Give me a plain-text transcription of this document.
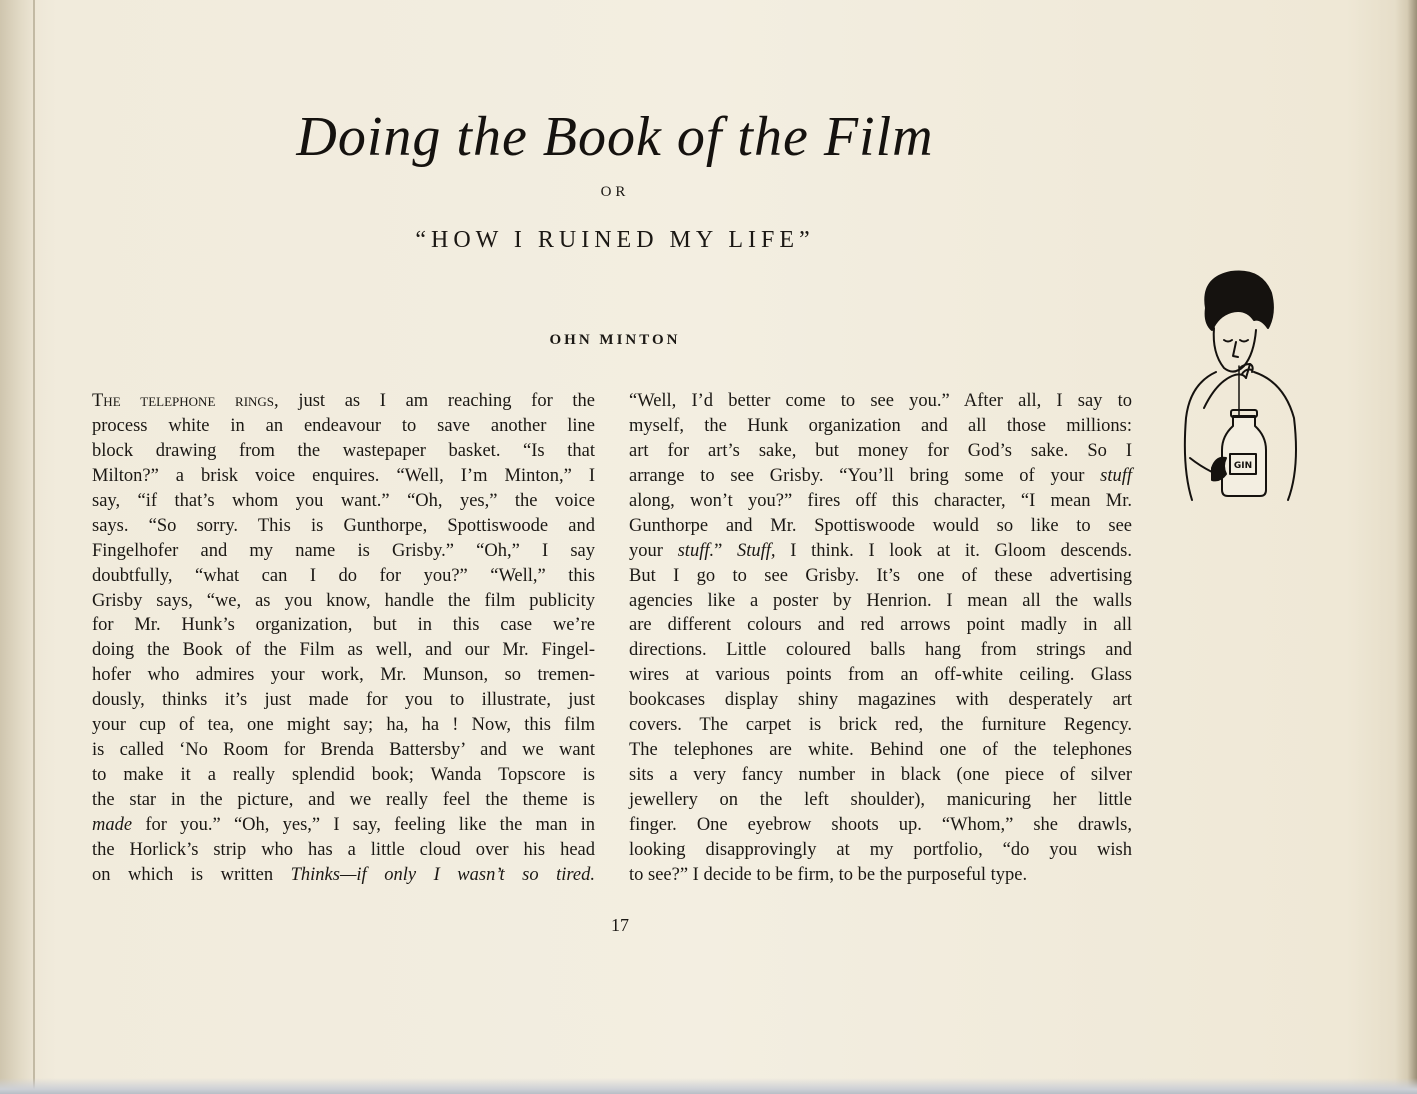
Doing the Book of the Film
OR
“HOW I RUINED MY LIFE”
OHN MINTON
The telephone rings, just as I am reaching for the
process white in an endeavour to save another line
block drawing from the wastepaper basket. “Is that
Milton?” a brisk voice enquires. “Well, I’m Minton,” I
say, “if that’s whom you want.” “Oh, yes,” the voice
says. “So sorry. This is Gunthorpe, Spottiswoode and
Fingelhofer and my name is Grisby.” “Oh,” I say
doubtfully, “what can I do for you?” “Well,” this
Grisby says, “we, as you know, handle the film publicity
for Mr. Hunk’s organization, but in this case we’re
doing the Book of the Film as well, and our Mr. Fingel-
hofer who admires your work, Mr. Munson, so tremen-
dously, thinks it’s just made for you to illustrate, just
your cup of tea, one might say; ha, ha ! Now, this film
is called ‘No Room for Brenda Battersby’ and we want
to make it a really splendid book; Wanda Topscore is
the star in the picture, and we really feel the theme is
made for you.” “Oh, yes,” I say, feeling like the man in
the Horlick’s strip who has a little cloud over his head
on which is written Thinks—if only I wasn’t so tired.
“Well, I’d better come to see you.” After all, I say to
myself, the Hunk organization and all those millions:
art for art’s sake, but money for God’s sake. So I
arrange to see Grisby. “You’ll bring some of your stuff
along, won’t you?” fires off this character, “I mean Mr.
Gunthorpe and Mr. Spottiswoode would so like to see
your stuff.” Stuff, I think. I look at it. Gloom descends.
But I go to see Grisby. It’s one of these advertising
agencies like a poster by Henrion. I mean all the walls
are different colours and red arrows point madly in all
directions. Little coloured balls hang from strings and
wires at various points from an off-white ceiling. Glass
bookcases display shiny magazines with desperately art
covers. The carpet is brick red, the furniture Regency.
The telephones are white. Behind one of the telephones
sits a very fancy number in black (one piece of silver
jewellery on the left shoulder), manicuring her little
finger. One eyebrow shoots up. “Whom,” she drawls,
looking disapprovingly at my portfolio, “do you wish
to see?” I decide to be firm, to be the purposeful type.
GIN
17
